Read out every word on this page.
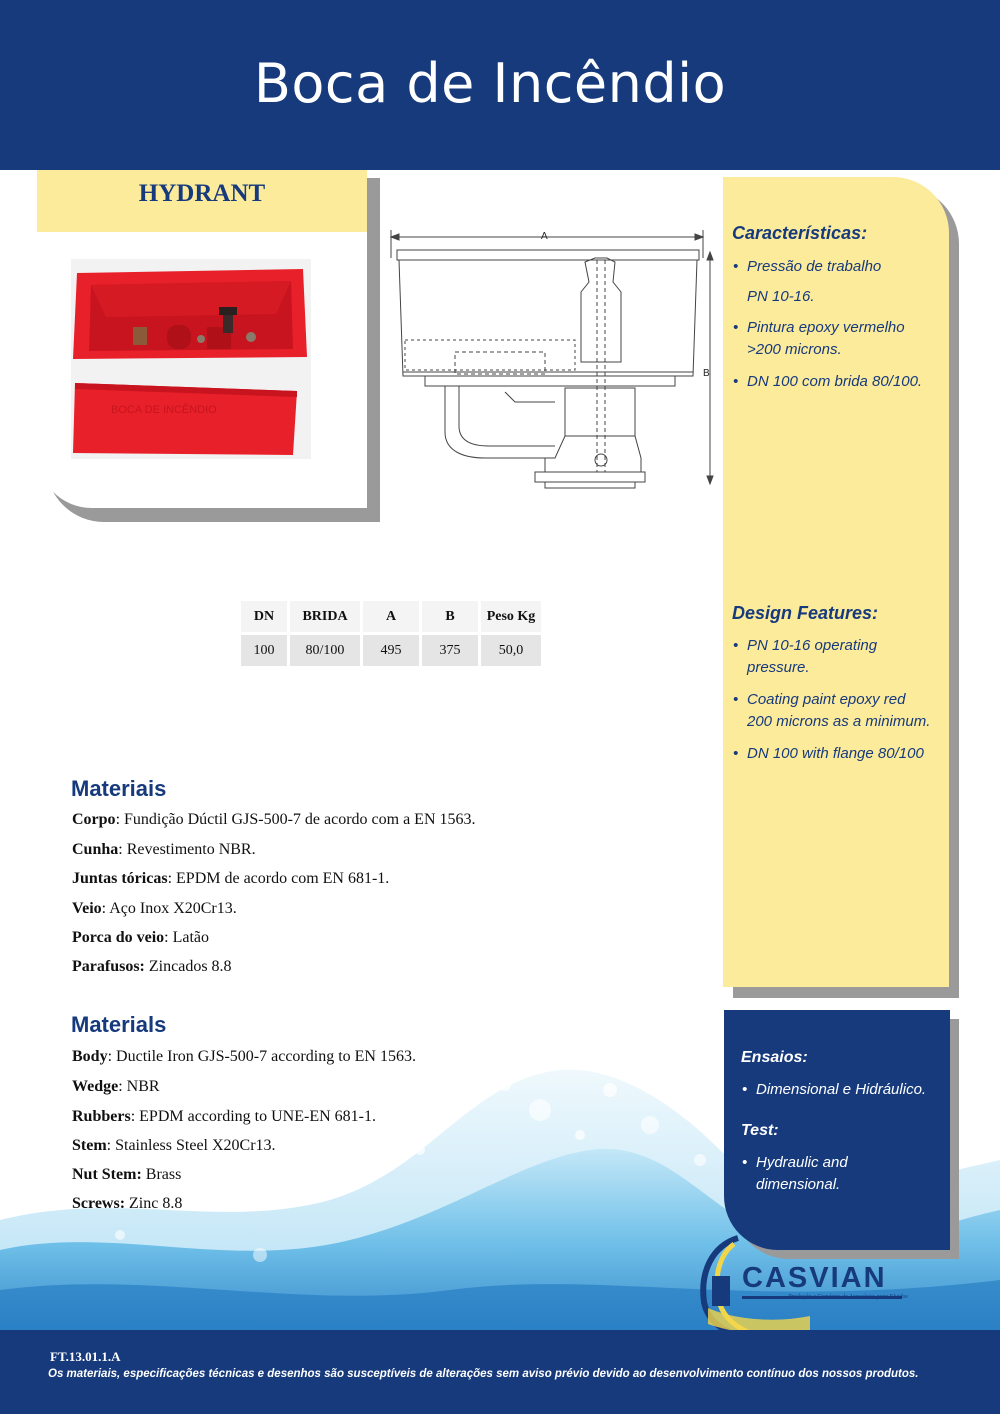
Boca de Incêndio
HYDRANT
BOCA DE INCÊNDIO
A
B
DN	BRIDA	A	B	Peso Kg
100	80/100	495	375	50,0
Características:
• Pressão de trabalho
PN 10-16.
• Pintura epoxy vermelho
>200 microns.
• DN 100 com brida 80/100.
Design Features:
• PN 10-16 operating
pressure.
• Coating paint epoxy red
200 microns as a minimum.
• DN 100 with flange 80/100
Materiais
Corpo: Fundição Dúctil GJS-500-7 de acordo com a EN 1563.
Cunha: Revestimento NBR.
Juntas tóricas: EPDM de acordo com EN 681-1.
Veio: Aço Inox X20Cr13.
Porca do veio: Latão
Parafusos: Zincados 8.8
Materials
Body: Ductile Iron GJS-500-7 according to EN 1563.
Wedge: NBR
Rubbers: EPDM according to UNE-EN 681-1.
Stem: Stainless Steel X20Cr13.
Nut Stem: Brass
Screws: Zinc 8.8
Ensaios:
• Dimensional e Hidráulico.
Test:
• Hydraulic and
dimensional.
CASVIAN
Produção e Comércio de Acessórios para Fluidos
FT.13.01.1.A
Os materiais, especificações técnicas e desenhos são susceptíveis de alterações sem aviso prévio devido ao desenvolvimento contínuo dos nossos produtos.
